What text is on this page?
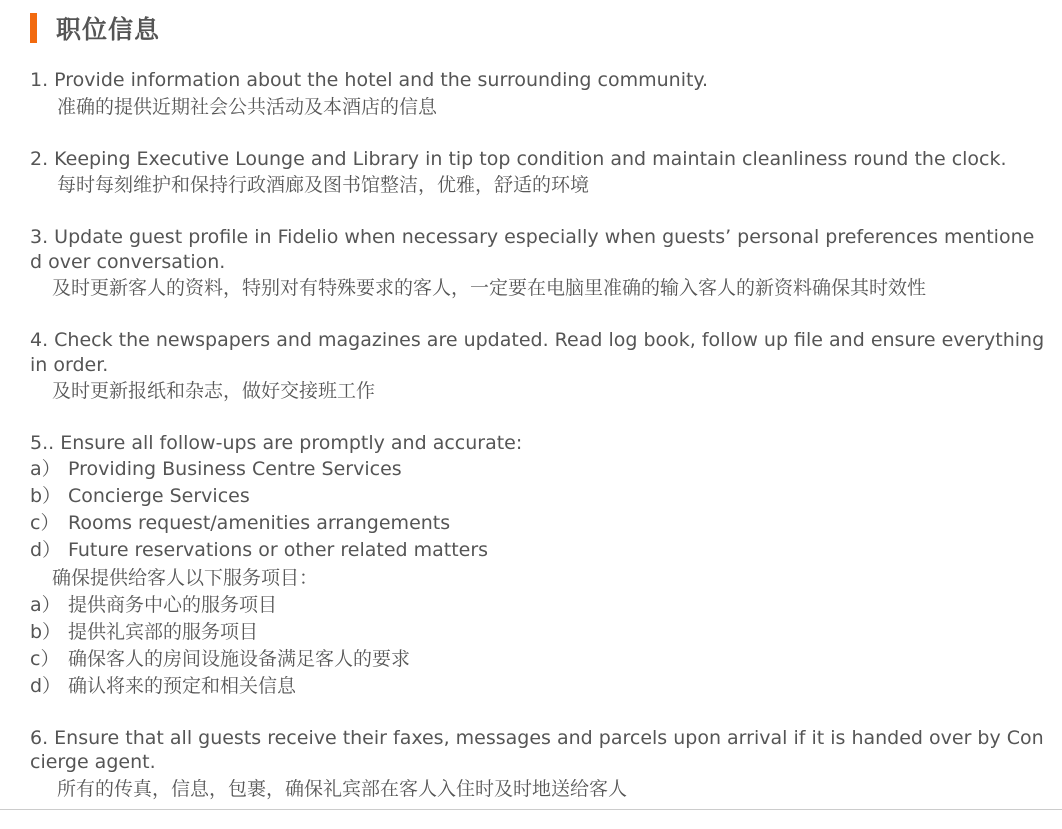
职位信息
1. Provide information about the hotel and the surrounding community.
准确的提供近期社会公共活动及本酒店的信息
2. Keeping Executive Lounge and Library in tip top condition and maintain cleanliness round the clock.
每时每刻维护和保持行政酒廊及图书馆整洁，优雅，舒适的环境
3. Update guest profile in Fidelio when necessary especially when guests’ personal preferences mentioned over conversation.
及时更新客人的资料，特别对有特殊要求的客人，一定要在电脑里准确的输入客人的新资料确保其时效性
4. Check the newspapers and magazines are updated. Read log book, follow up file and ensure everything in order.
及时更新报纸和杂志，做好交接班工作
5.. Ensure all follow-ups are promptly and accurate:
a） Providing Business Centre Services
b） Concierge Services
c） Rooms request/amenities arrangements
d） Future reservations or other related matters
确保提供给客人以下服务项目：
a） 提供商务中心的服务项目
b） 提供礼宾部的服务项目
c） 确保客人的房间设施设备满足客人的要求
d） 确认将来的预定和相关信息
6. Ensure that all guests receive their faxes, messages and parcels upon arrival if it is handed over by Concierge agent.
所有的传真，信息，包裹，确保礼宾部在客人入住时及时地送给客人
